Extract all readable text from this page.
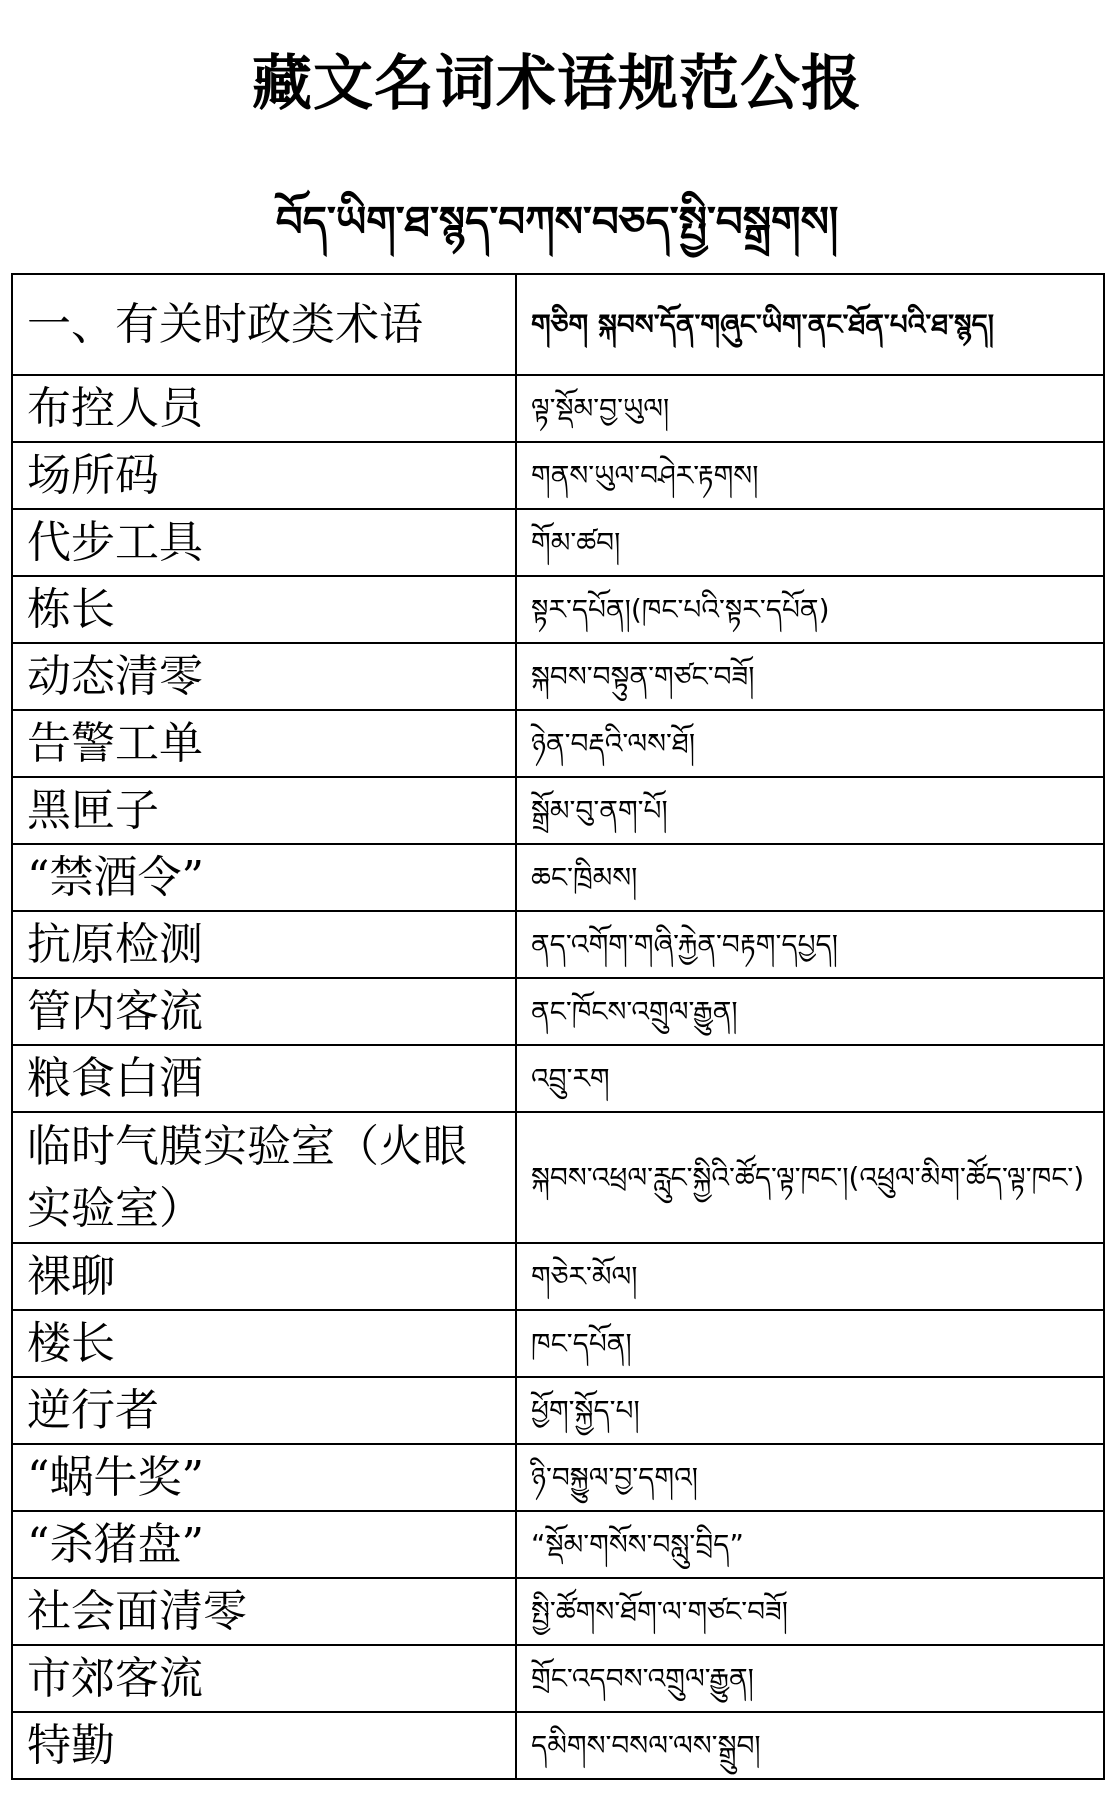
藏文名词术语规范公报
བོད་ཡིག་ཐ་སྙད་བཀས་བཅད་སྤྱི་བསྒྲགས།
一、有关时政类术语	གཅིག སྐབས་དོན་གཞུང་ཡིག་ནང་ཐོན་པའི་ཐ་སྙད།
布控人员	ལྟ་སྡོམ་བྱ་ཡུལ།
场所码	གནས་ཡུལ་བཤེར་རྟགས།
代步工具	གོམ་ཚབ།
栋长	སྟར་དཔོན།(ཁང་པའི་སྟར་དཔོན)
动态清零	སྐབས་བསྟུན་གཙང་བཟོ།
告警工单	ཉེན་བརྡའི་ལས་ཐོ།
黑匣子	སྒྲོམ་བུ་ནག་པོ།
“禁酒令”	ཆང་ཁྲིམས།
抗原检测	ནད་འགོག་གཞི་རྐྱེན་བརྟག་དཔྱད།
管内客流	ནང་ཁོངས་འགྲུལ་རྒྱུན།
粮食白酒	འབྲུ་རག
临时气膜实验室（火眼实验室）	སྐབས་འཕྲལ་རླུང་སྐྱིའི་ཚོད་ལྟ་ཁང་།(འཕྲུལ་མིག་ཚོད་ལྟ་ཁང་)
裸聊	གཅེར་མོལ།
楼长	ཁང་དཔོན།
逆行者	ཕྱོག་སྐྱོད་པ།
“蜗牛奖”	ཉི་བསྐྱུལ་བྱ་དགའ།
“杀猪盘”	“སྡོམ་གསོས་བསླུ་བྲིད”
社会面清零	སྤྱི་ཚོགས་ཐོག་ལ་གཙང་བཟོ།
市郊客流	གྲོང་འདབས་འགྲུལ་རྒྱུན།
特勤	དམིགས་བསལ་ལས་སྒྲུབ།
